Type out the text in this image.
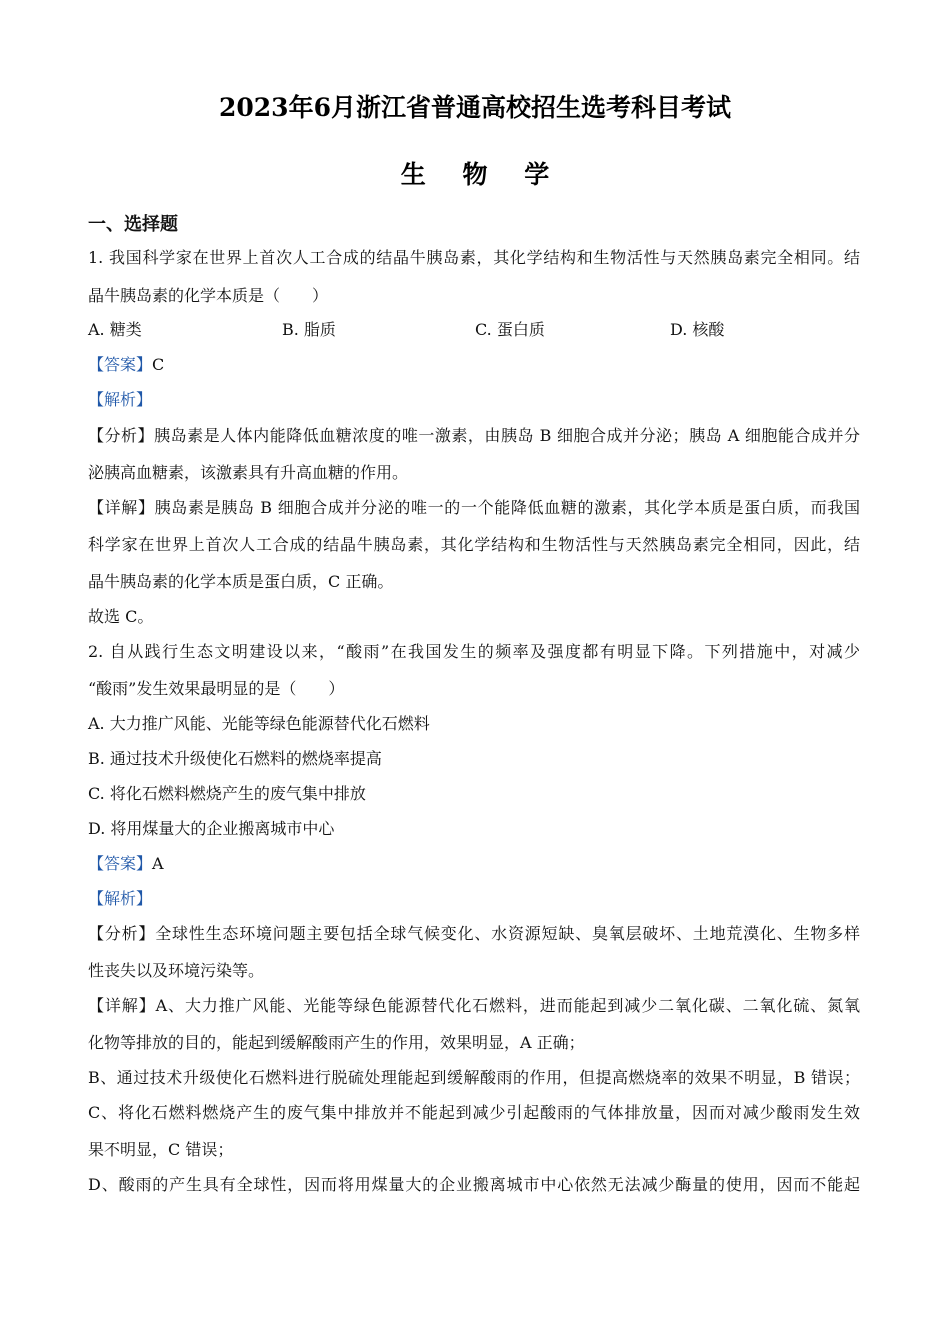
2023年6月浙江省普通高校招生选考科目考试
生 物 学
一、选择题
1. 我国科学家在世界上首次人工合成的结晶牛胰岛素，其化学结构和生物活性与天然胰岛素完全相同。结
晶牛胰岛素的化学本质是（　　）
A. 糖类	B. 脂质	C. 蛋白质	D. 核酸
【答案】C
【解析】
【分析】胰岛素是人体内能降低血糖浓度的唯一激素，由胰岛 B 细胞合成并分泌；胰岛 A 细胞能合成并分
泌胰高血糖素，该激素具有升高血糖的作用。
【详解】胰岛素是胰岛 B 细胞合成并分泌的唯一的一个能降低血糖的激素，其化学本质是蛋白质，而我国
科学家在世界上首次人工合成的结晶牛胰岛素，其化学结构和生物活性与天然胰岛素完全相同，因此，结
晶牛胰岛素的化学本质是蛋白质，C 正确。
故选 C。
2. 自从践行生态文明建设以来，“酸雨”在我国发生的频率及强度都有明显下降。下列措施中，对减少
“酸雨”发生效果最明显的是（　　）
A. 大力推广风能、光能等绿色能源替代化石燃料
B. 通过技术升级使化石燃料的燃烧率提高
C. 将化石燃料燃烧产生的废气集中排放
D. 将用煤量大的企业搬离城市中心
【答案】A
【解析】
【分析】全球性生态环境问题主要包括全球气候变化、水资源短缺、臭氧层破坏、土地荒漠化、生物多样
性丧失以及环境污染等。
【详解】A、大力推广风能、光能等绿色能源替代化石燃料，进而能起到减少二氧化碳、二氧化硫、氮氧
化物等排放的目的，能起到缓解酸雨产生的作用，效果明显，A 正确；
B、通过技术升级使化石燃料进行脱硫处理能起到缓解酸雨的作用，但提高燃烧率的效果不明显，B 错误；
C、将化石燃料燃烧产生的废气集中排放并不能起到减少引起酸雨的气体排放量，因而对减少酸雨发生效
果不明显，C 错误；
D、酸雨的产生具有全球性，因而将用煤量大的企业搬离城市中心依然无法减少酶量的使用，因而不能起
